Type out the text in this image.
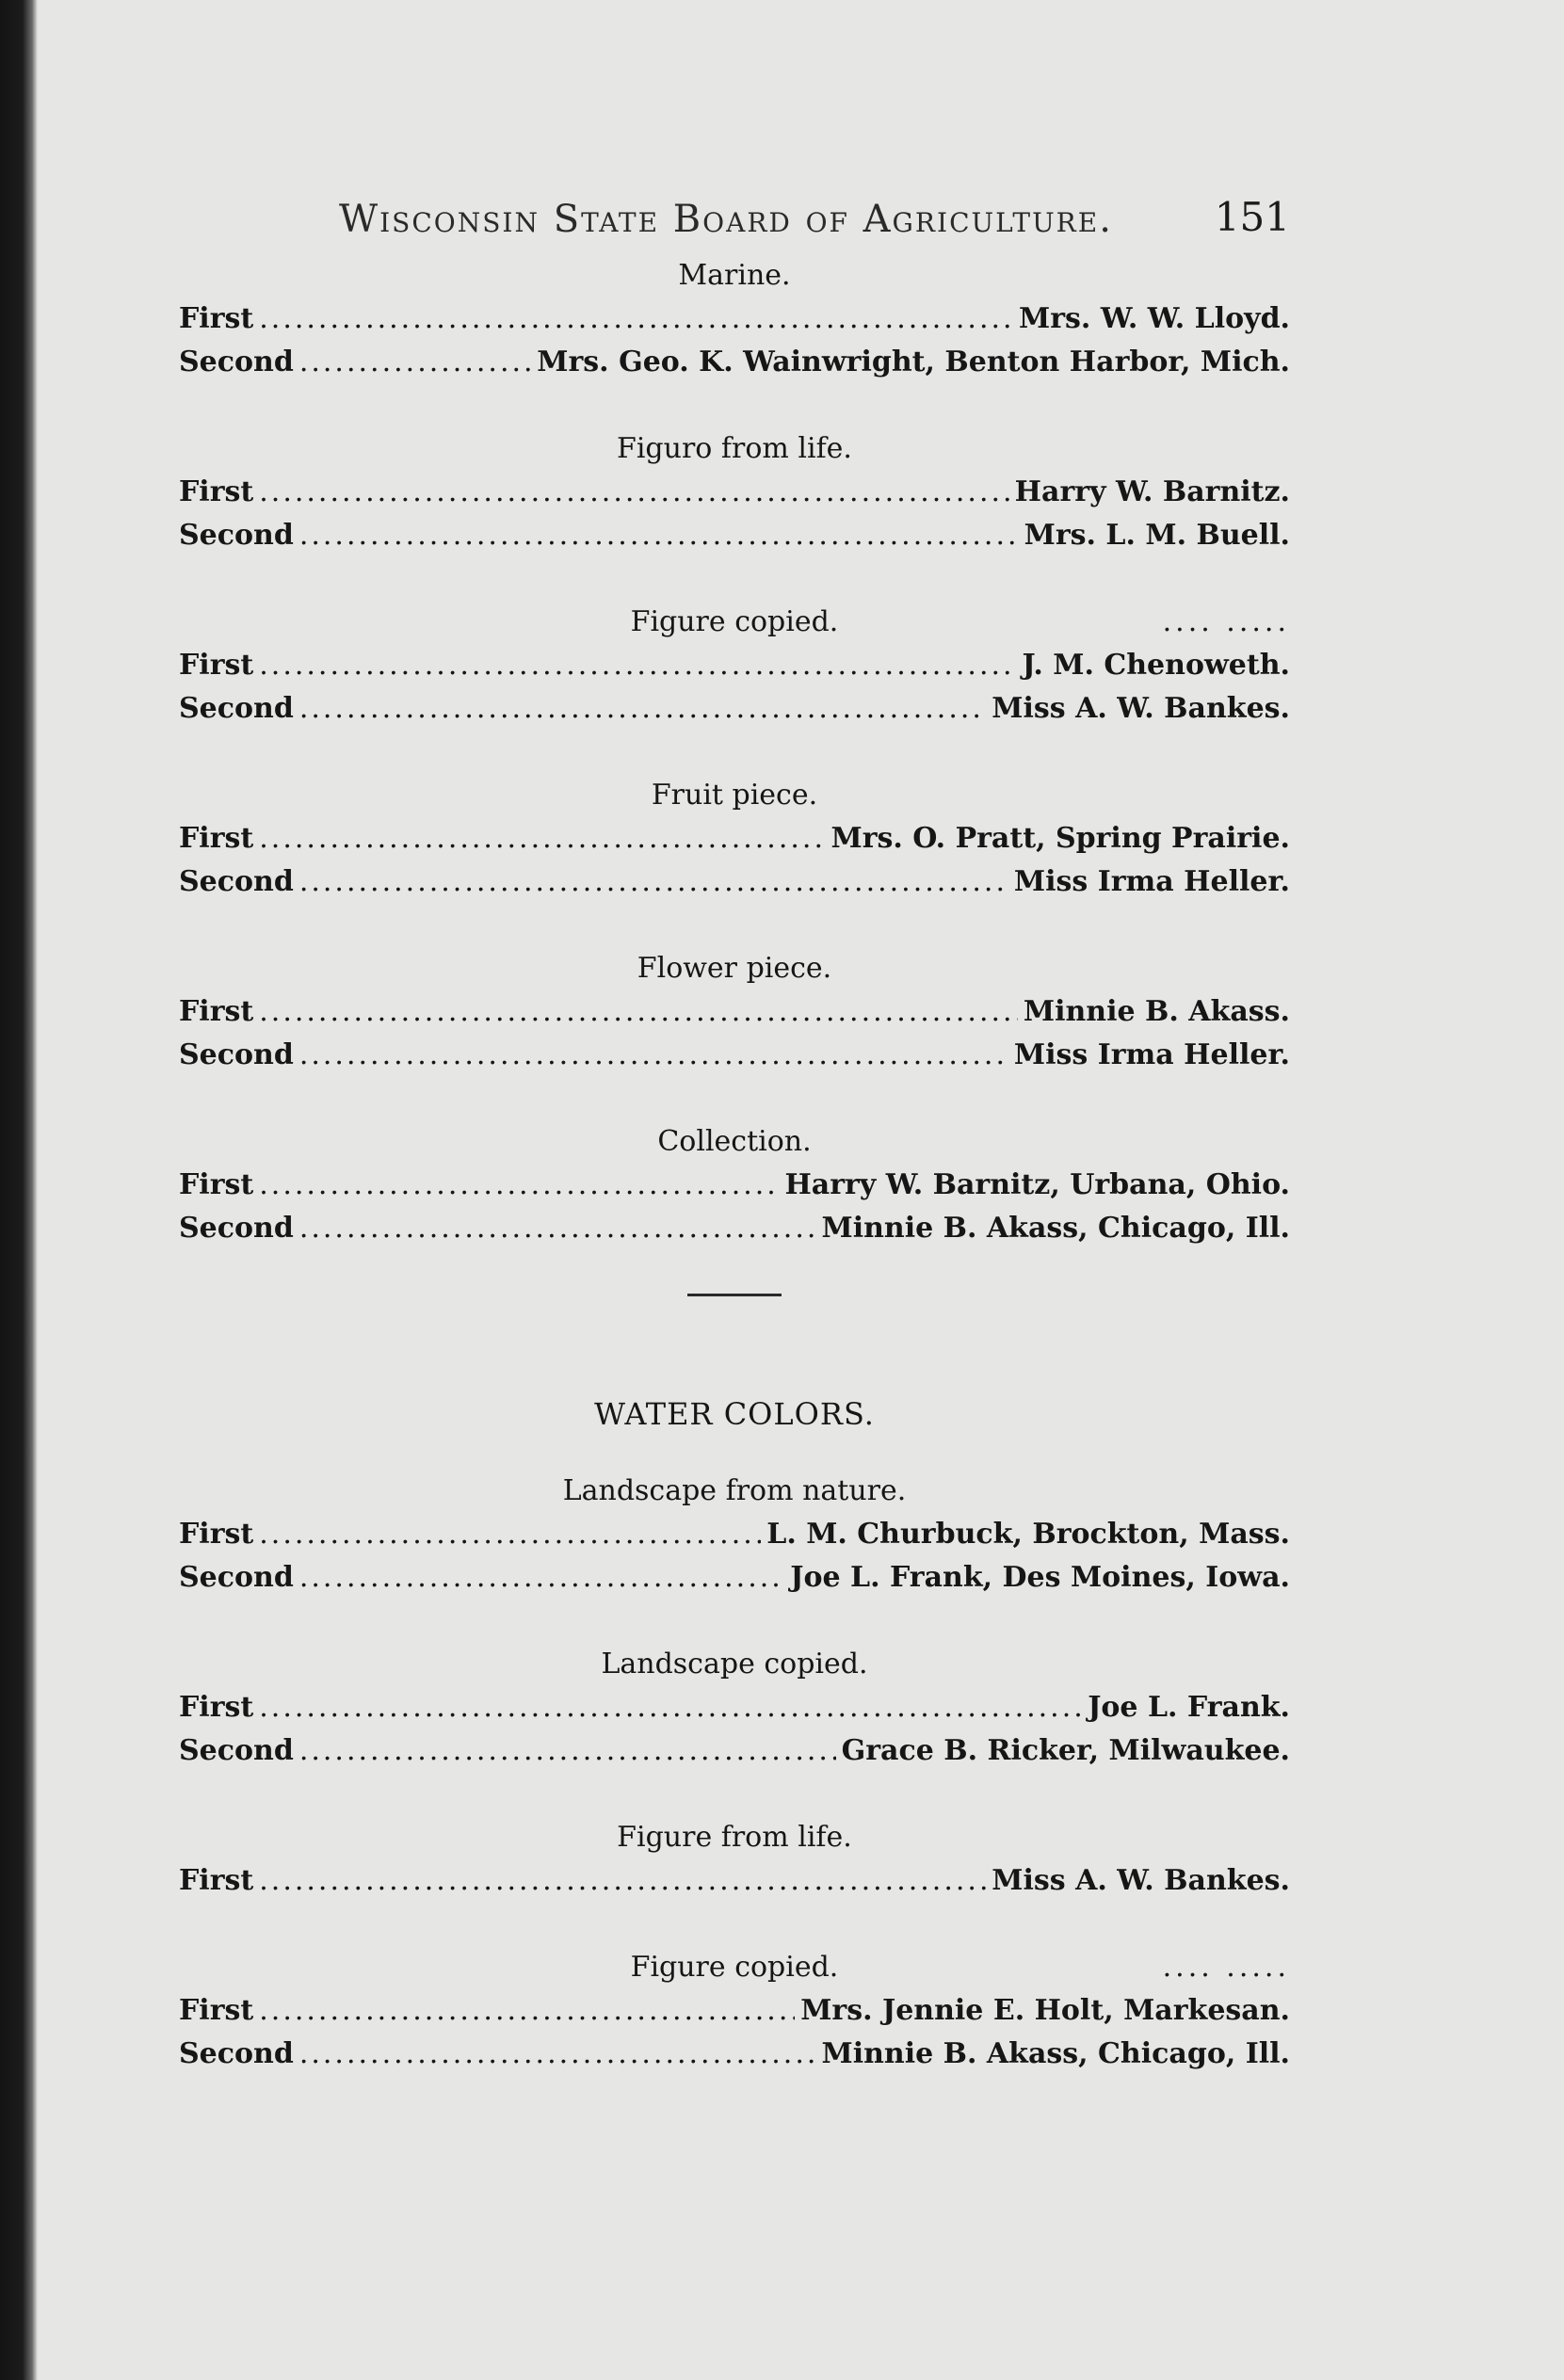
Wisconsin State Board of Agriculture.	151
Marine.
First .....	Mrs. W. W. Lloyd.
Second .....	Mrs. Geo. K. Wainwright, Benton Harbor, Mich.
Figuro from life.
First .....	Harry W. Barnitz.
Second .....	Mrs. L. M. Buell.
Figure copied.	.... .....
First .....	J. M. Chenoweth.
Second .....	Miss A. W. Bankes.
Fruit piece.
First .....	Mrs. O. Pratt, Spring Prairie.
Second .....	Miss Irma Heller.
Flower piece.
First .....	Minnie B. Akass.
Second .....	Miss Irma Heller.
Collection.
First .....	Harry W. Barnitz, Urbana, Ohio.
Second .....	Minnie B. Akass, Chicago, Ill.
WATER COLORS.
Landscape from nature.
First .....	L. M. Churbuck, Brockton, Mass.
Second .....	Joe L. Frank, Des Moines, Iowa.
Landscape copied.
First .....	Joe L. Frank.
Second .....	Grace B. Ricker, Milwaukee.
Figure from life.
First .....	Miss A. W. Bankes.
Figure copied.	.... .....
First .....	Mrs. Jennie E. Holt, Markesan.
Second .....	Minnie B. Akass, Chicago, Ill.
